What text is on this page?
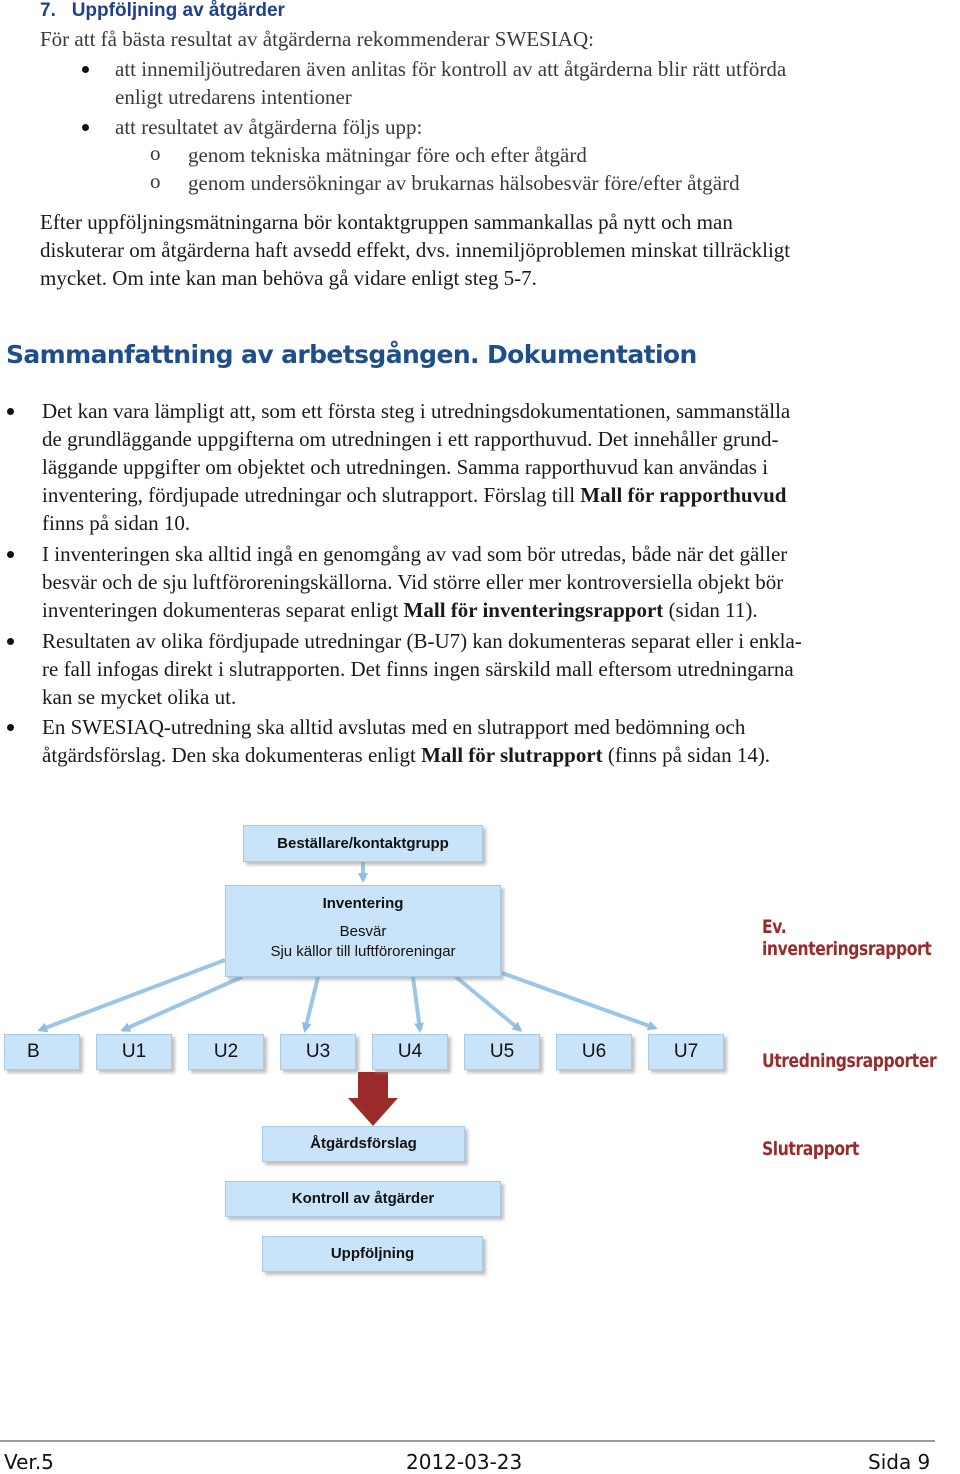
7. Uppföljning av åtgärder
För att få bästa resultat av åtgärderna rekommenderar SWESIAQ:
att innemiljöutredaren även anlitas för kontroll av att åtgärderna blir rätt utförda
enligt utredarens intentioner
att resultatet av åtgärderna följs upp:
o genom tekniska mätningar före och efter åtgärd
o genom undersökningar av brukarnas hälsobesvär före/efter åtgärd
Efter uppföljningsmätningarna bör kontaktgruppen sammankallas på nytt och man
diskuterar om åtgärderna haft avsedd effekt, dvs. innemiljöproblemen minskat tillräckligt
mycket. Om inte kan man behöva gå vidare enligt steg 5-7.
Sammanfattning av arbetsgången. Dokumentation
Det kan vara lämpligt att, som ett första steg i utredningsdokumentationen, sammanställa
de grundläggande uppgifterna om utredningen i ett rapporthuvud. Det innehåller grund-
läggande uppgifter om objektet och utredningen. Samma rapporthuvud kan användas i
inventering, fördjupade utredningar och slutrapport. Förslag till Mall för rapporthuvud
finns på sidan 10.
I inventeringen ska alltid ingå en genomgång av vad som bör utredas, både när det gäller
besvär och de sju luftföroreningskällorna. Vid större eller mer kontroversiella objekt bör
inventeringen dokumenteras separat enligt Mall för inventeringsrapport (sidan 11).
Resultaten av olika fördjupade utredningar (B-U7) kan dokumenteras separat eller i enkla-
re fall infogas direkt i slutrapporten. Det finns ingen särskild mall eftersom utredningarna
kan se mycket olika ut.
En SWESIAQ-utredning ska alltid avslutas med en slutrapport med bedömning och
åtgärdsförslag. Den ska dokumenteras enligt Mall för slutrapport (finns på sidan 14).
Beställare/kontaktgrupp
Inventering
Besvär
Sju källor till luftföroreningar
B	U1	U2	U3	U4	U5	U6	U7
Åtgärdsförslag
Kontroll av åtgärder
Uppföljning
Ev. inventeringsrapport
Utredningsrapporter
Slutrapport
Ver.5	2012-03-23	Sida 9
